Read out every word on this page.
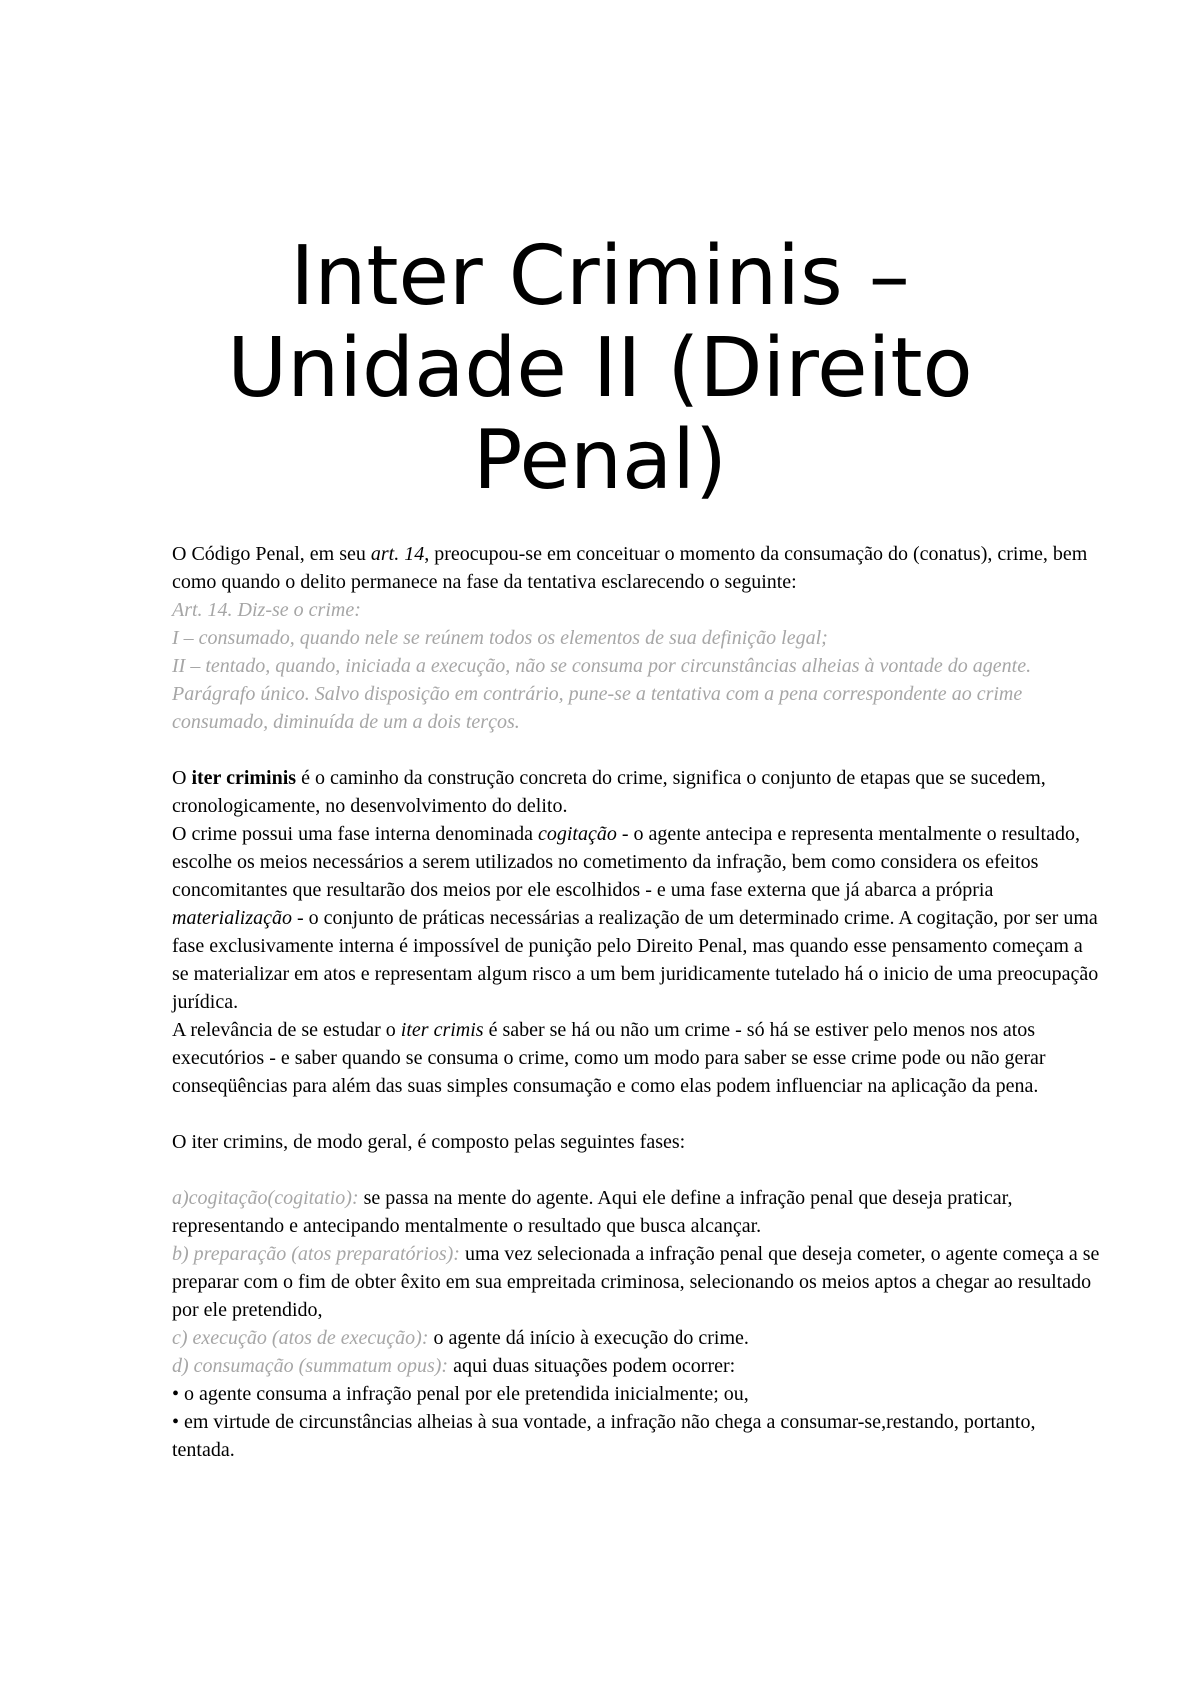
Inter Criminis –
Unidade II (Direito
Penal)

O Código Penal, em seu art. 14, preocupou-se em conceituar o momento da consumação do (conatus), crime, bem como quando o delito permanece na fase da tentativa esclarecendo o seguinte:

Art. 14. Diz-se o crime:

I – consumado, quando nele se reúnem todos os elementos de sua definição legal;

II – tentado, quando, iniciada a execução, não se consuma por circunstâncias alheias à vontade do agente.

Parágrafo único. Salvo disposição em contrário, pune-se a tentativa com a pena correspondente ao crime consumado, diminuída de um a dois terços.

O iter criminis é o caminho da construção concreta do crime, significa o conjunto de etapas que se sucedem, cronologicamente, no desenvolvimento do delito.

O crime possui uma fase interna denominada cogitação - o agente antecipa e representa mentalmente o resultado, escolhe os meios necessários a serem utilizados no cometimento da infração, bem como considera os efeitos concomitantes que resultarão dos meios por ele escolhidos - e uma fase externa que já abarca a própria materialização - o conjunto de práticas necessárias a realização de um determinado crime. A cogitação, por ser uma fase exclusivamente interna é impossível de punição pelo Direito Penal, mas quando esse pensamento começam a se materializar em atos e representam algum risco a um bem juridicamente tutelado há o inicio de uma preocupação jurídica.

A relevância de se estudar o iter crimis é saber se há ou não um crime - só há se estiver pelo menos nos atos executórios - e saber quando se consuma o crime, como um modo para saber se esse crime pode ou não gerar conseqüências para além das suas simples consumação e como elas podem influenciar na aplicação da pena.

O iter crimins, de modo geral, é composto pelas seguintes fases:

a)cogitação(cogitatio): se passa na mente do agente. Aqui ele define a infração penal que deseja praticar, representando e antecipando mentalmente o resultado que busca alcançar.

b) preparação (atos preparatórios): uma vez selecionada a infração penal que deseja cometer, o agente começa a se preparar com o fim de obter êxito em sua empreitada criminosa, selecionando os meios aptos a chegar ao resultado por ele pretendido,

c) execução (atos de execução): o agente dá início à execução do crime.

d) consumação (summatum opus): aqui duas situações podem ocorrer:

• o agente consuma a infração penal por ele pretendida inicialmente; ou,

• em virtude de circunstâncias alheias à sua vontade, a infração não chega a consumar-se,restando, portanto, tentada.
